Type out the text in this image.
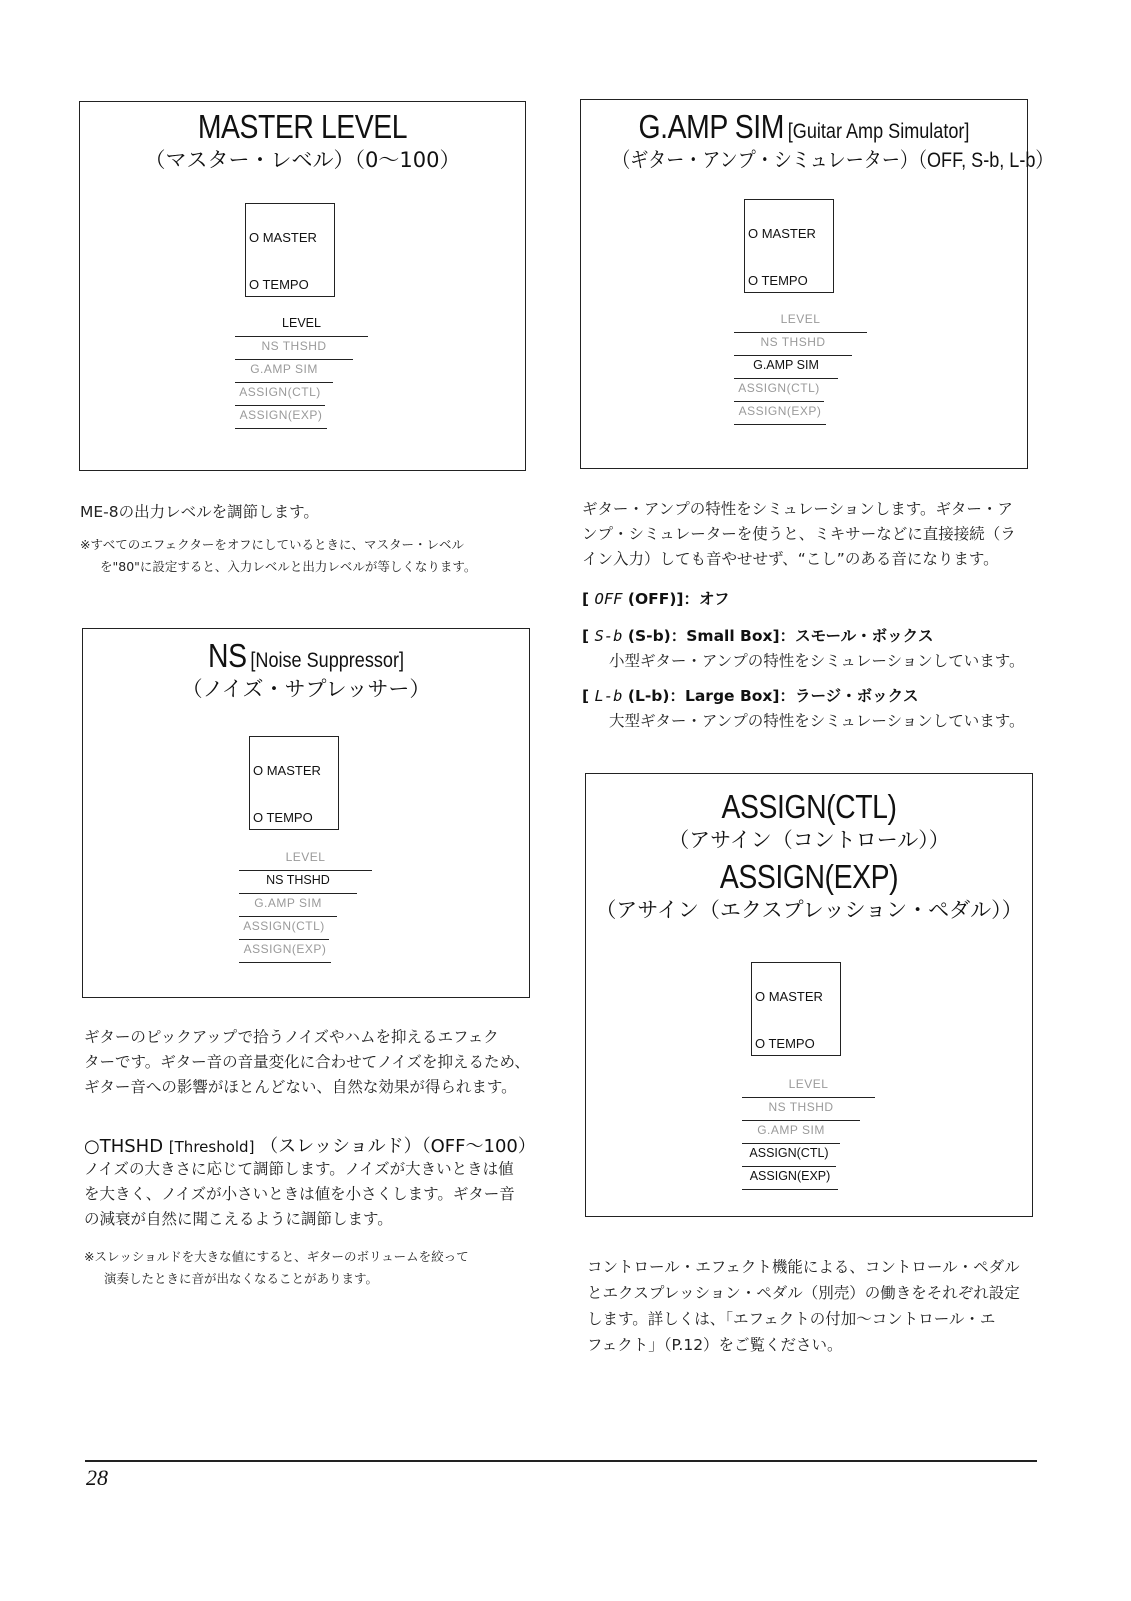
MASTER LEVEL
（マスター・レベル）（0〜100）
O MASTER
O TEMPO
LEVEL
NS THSHD
G.AMP SIM
ASSIGN(CTL)
ASSIGN(EXP)
ME-8の出力レベルを調節します。
※すべてのエフェクターをオフにしているときに、マスター・レベル
を"80"に設定すると、入力レベルと出力レベルが等しくなります。
NS [Noise Suppressor]
（ノイズ・サプレッサー）
O MASTER
O TEMPO
LEVEL
NS THSHD
G.AMP SIM
ASSIGN(CTL)
ASSIGN(EXP)
ギターのピックアップで拾うノイズやハムを抑えるエフェク
ターです。ギター音の音量変化に合わせてノイズを抑えるため、
ギター音への影響がほとんどない、自然な効果が得られます。
○THSHD [Threshold] （スレッショルド）（OFF〜100）
ノイズの大きさに応じて調節します。ノイズが大きいときは値
を大きく、ノイズが小さいときは値を小さくします。ギター音
の減衰が自然に聞こえるように調節します。
※スレッショルドを大きな値にすると、ギターのボリュームを絞って
演奏したときに音が出なくなることがあります。
G.AMP SIM [Guitar Amp Simulator]
（ギター・アンプ・シミュレーター）（OFF, S-b, L-b）
O MASTER
O TEMPO
LEVEL
NS THSHD
G.AMP SIM
ASSIGN(CTL)
ASSIGN(EXP)
ギター・アンプの特性をシミュレーションします。ギター・ア
ンプ・シミュレーターを使うと、ミキサーなどに直接接続（ラ
イン入力）しても音やせせず、“こし”のある音になります。
[ OFF (OFF)]：オフ
[ S-b (S-b)：Small Box]：スモール・ボックス
小型ギター・アンプの特性をシミュレーションしています。
[ L-b (L-b)：Large Box]：ラージ・ボックス
大型ギター・アンプの特性をシミュレーションしています。
ASSIGN(CTL)
（アサイン（コントロール））
ASSIGN(EXP)
（アサイン（エクスプレッション・ペダル））
O MASTER
O TEMPO
LEVEL
NS THSHD
G.AMP SIM
ASSIGN(CTL)
ASSIGN(EXP)
コントロール・エフェクト機能による、コントロール・ペダル
とエクスプレッション・ペダル（別売）の働きをそれぞれ設定
します。詳しくは、「エフェクトの付加〜コントロール・エ
フェクト」（P.12）をご覧ください。
28
